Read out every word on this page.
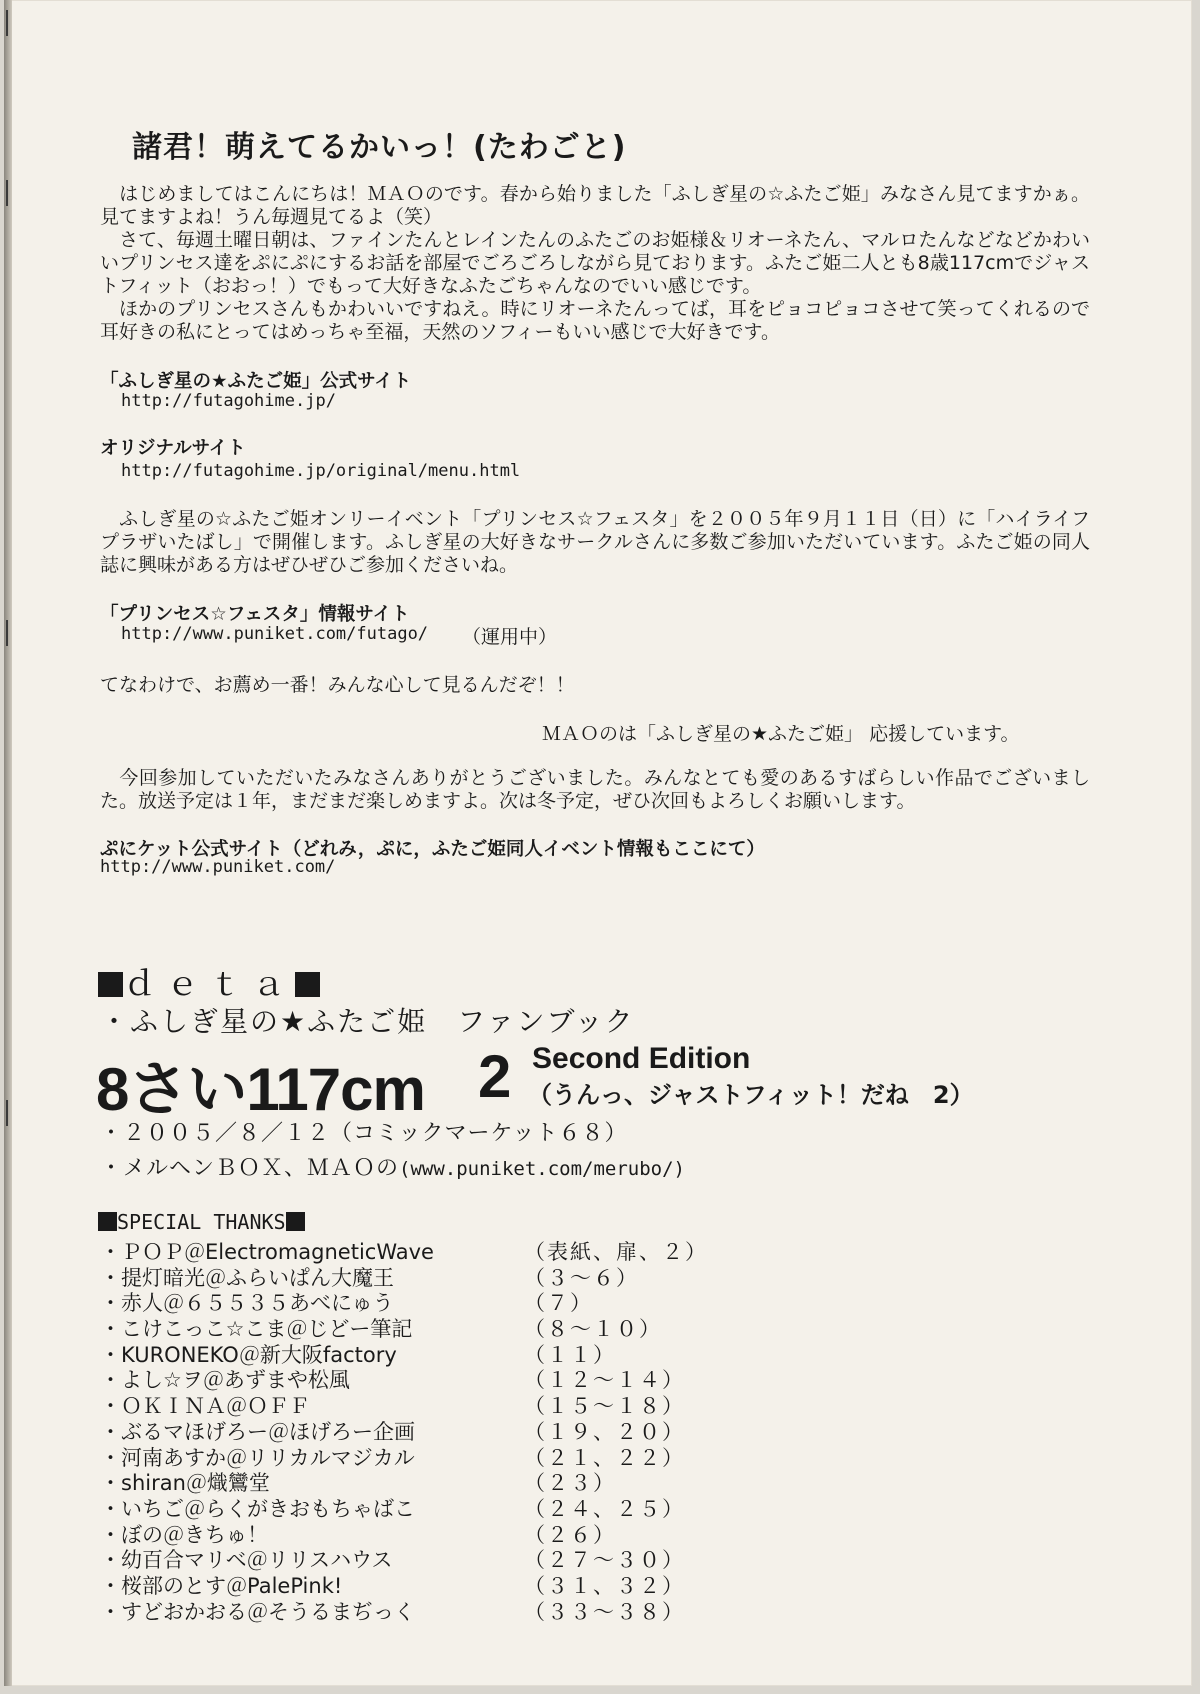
諸君！萌えてるかいっ！(たわごと)

　はじめましてはこんにちは！ＭＡＯのです。春から始りました「ふしぎ星の☆ふたご姫」みなさん見てますかぁ。見てますよね！うん毎週見てるよ（笑）

　さて、毎週土曜日朝は、ファインたんとレインたんのふたごのお姫様＆リオーネたん、マルロたんなどなどかわいいプリンセス達をぷにぷにするお話を部屋でごろごろしながら見ております。ふたご姫二人とも8歳117cmでジャストフィット（おおっ！）でもって大好きなふたごちゃんなのでいい感じです。

　ほかのプリンセスさんもかわいいですねえ。時にリオーネたんってば，耳をピョコピョコさせて笑ってくれるので耳好きの私にとってはめっちゃ至福，天然のソフィーもいい感じで大好きです。

「ふしぎ星の★ふたご姫」公式サイト
http://futagohime.jp/
オリジナルサイト
http://futagohime.jp/original/menu.html

　ふしぎ星の☆ふたご姫オンリーイベント「プリンセス☆フェスタ」を２００５年９月１１日（日）に「ハイライフプラザいたばし」で開催します。ふしぎ星の大好きなサークルさんに多数ご参加いただいています。ふたご姫の同人誌に興味がある方はぜひぜひご参加くださいね。

「プリンセス☆フェスタ」情報サイト
http://www.puniket.com/futago/ （運用中）
てなわけで、お薦め一番！みんな心して見るんだぞ！！
ＭＡＯのは「ふしぎ星の★ふたご姫」 応援しています。

　今回参加していただいたみなさんありがとうございました。みんなとても愛のあるすばらしい作品でございました。放送予定は１年，まだまだ楽しめますよ。次は冬予定，ぜひ次回もよろしくお願いします。

ぷにケット公式サイト（どれみ，ぷに，ふたご姫同人イベント情報もここにて）
http://www.puniket.com/
ｄｅｔａ
・ふしぎ星の★ふたご姫　ファンブック
8さい117cm 2 Second Edition
（うんっ、ジャストフィット！だね　2）
・２００５／８／１２（コミックマーケット６８）
・メルヘンＢＯＸ、ＭＡＯの(www.puniket.com/merubo/)
SPECIAL THANKS
・ＰＯＰ＠ElectromagneticWave	（表紙、扉、２）
・提灯暗光＠ふらいぱん大魔王	（３～６）
・赤人＠６５５３５あべにゅう	（７）
・こけこっこ☆こま＠じどー筆記	（８～１０）
・KURONEKO＠新大阪factory	（１１）
・よし☆ヲ＠あずまや松風	（１２～１４）
・ＯＫＩＮＡ＠ＯＦＦ	（１５～１８）
・ぶるマほげろー＠ほげろー企画	（１９、２０）
・河南あすか＠リリカルマジカル	（２１、２２）
・shiran＠熾鸞堂	（２３）
・いちご＠らくがきおもちゃばこ	（２４、２５）
・ぼの＠きちゅ！	（２６）
・幼百合マリベ＠リリスハウス	（２７～３０）
・桜部のとす＠PalePink!	（３１、３２）
・すどおかおる＠そうるまぢっく	（３３～３８）
